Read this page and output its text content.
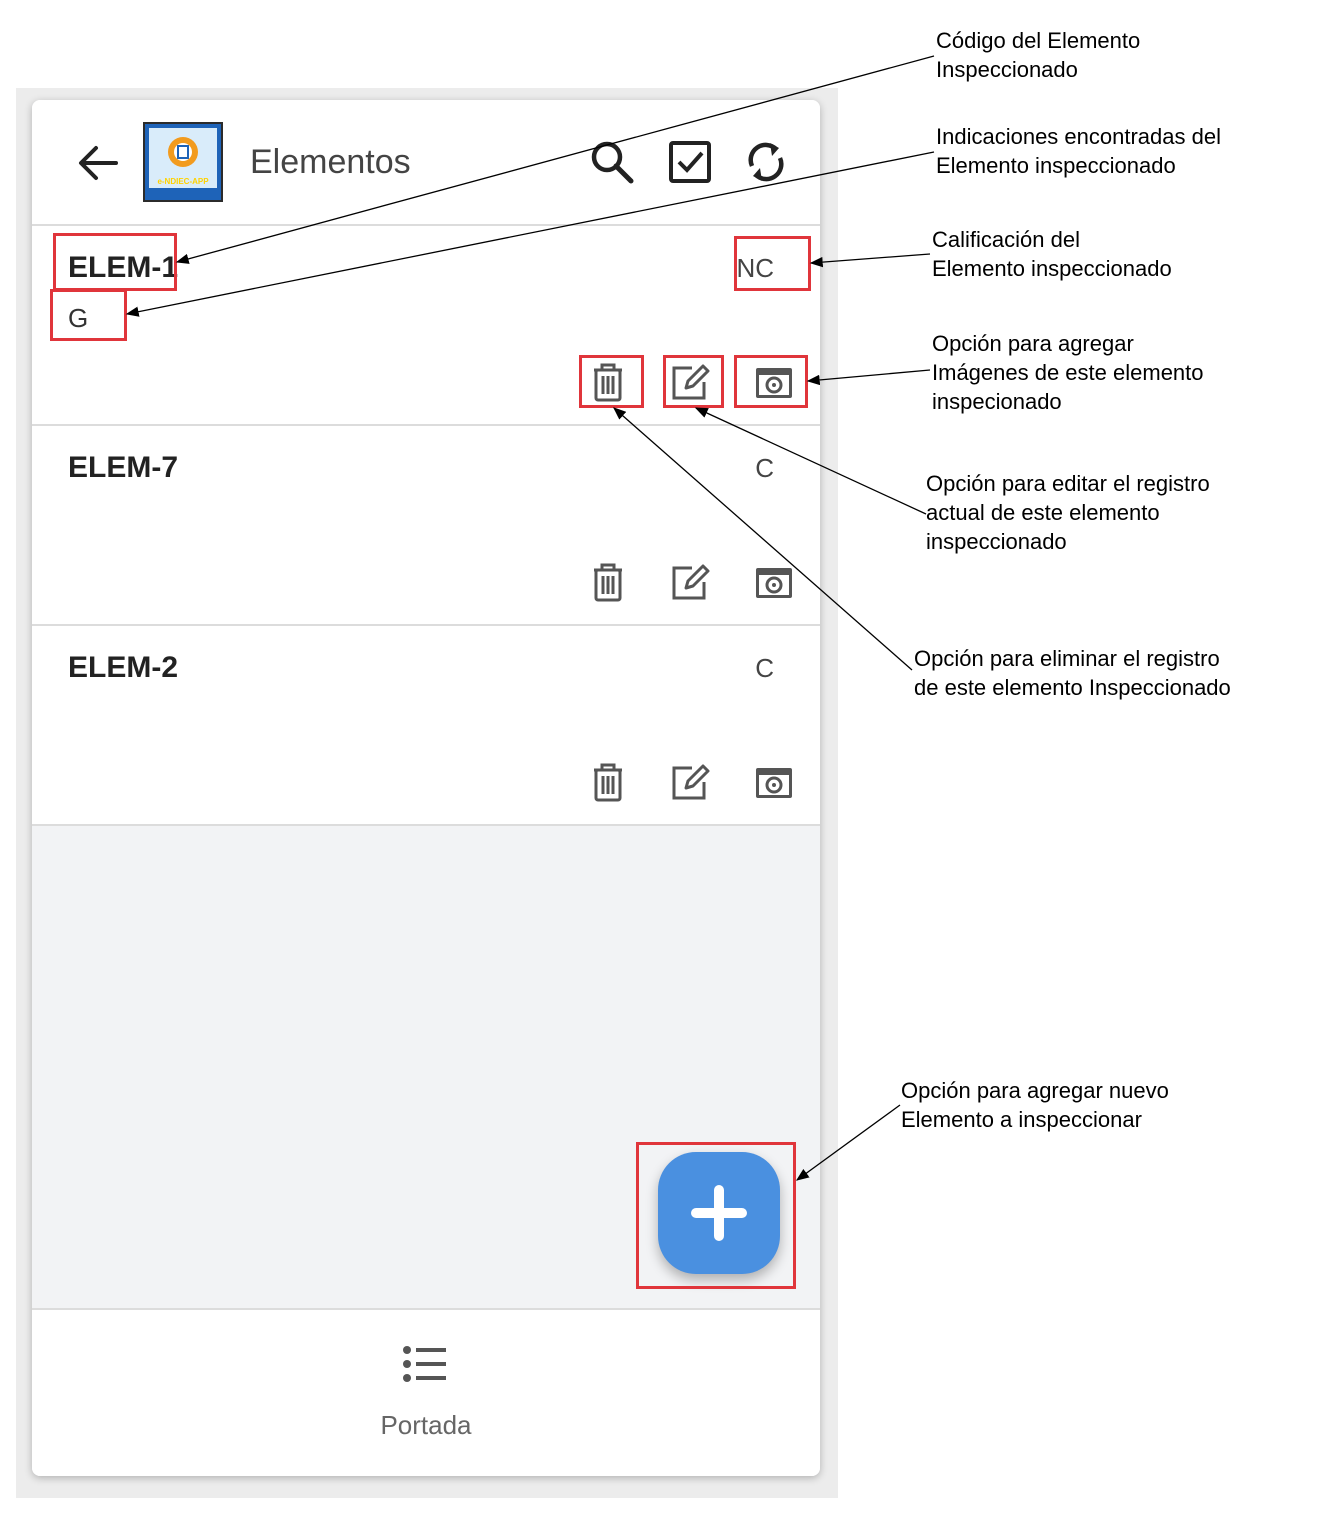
e-NDIEC-APP
Elementos
ELEM-1
G
NC
ELEM-7	C
ELEM-2	C
Portada
Código del Elemento
Inspeccionado
Indicaciones encontradas del
Elemento inspeccionado
Calificación del
Elemento inspeccionado
Opción para agregar
Imágenes de este elemento
inspecionado
Opción para editar el registro
actual de este elemento
inspeccionado
Opción para eliminar el registro
de este elemento Inspeccionado
Opción para agregar nuevo
Elemento a inspeccionar
